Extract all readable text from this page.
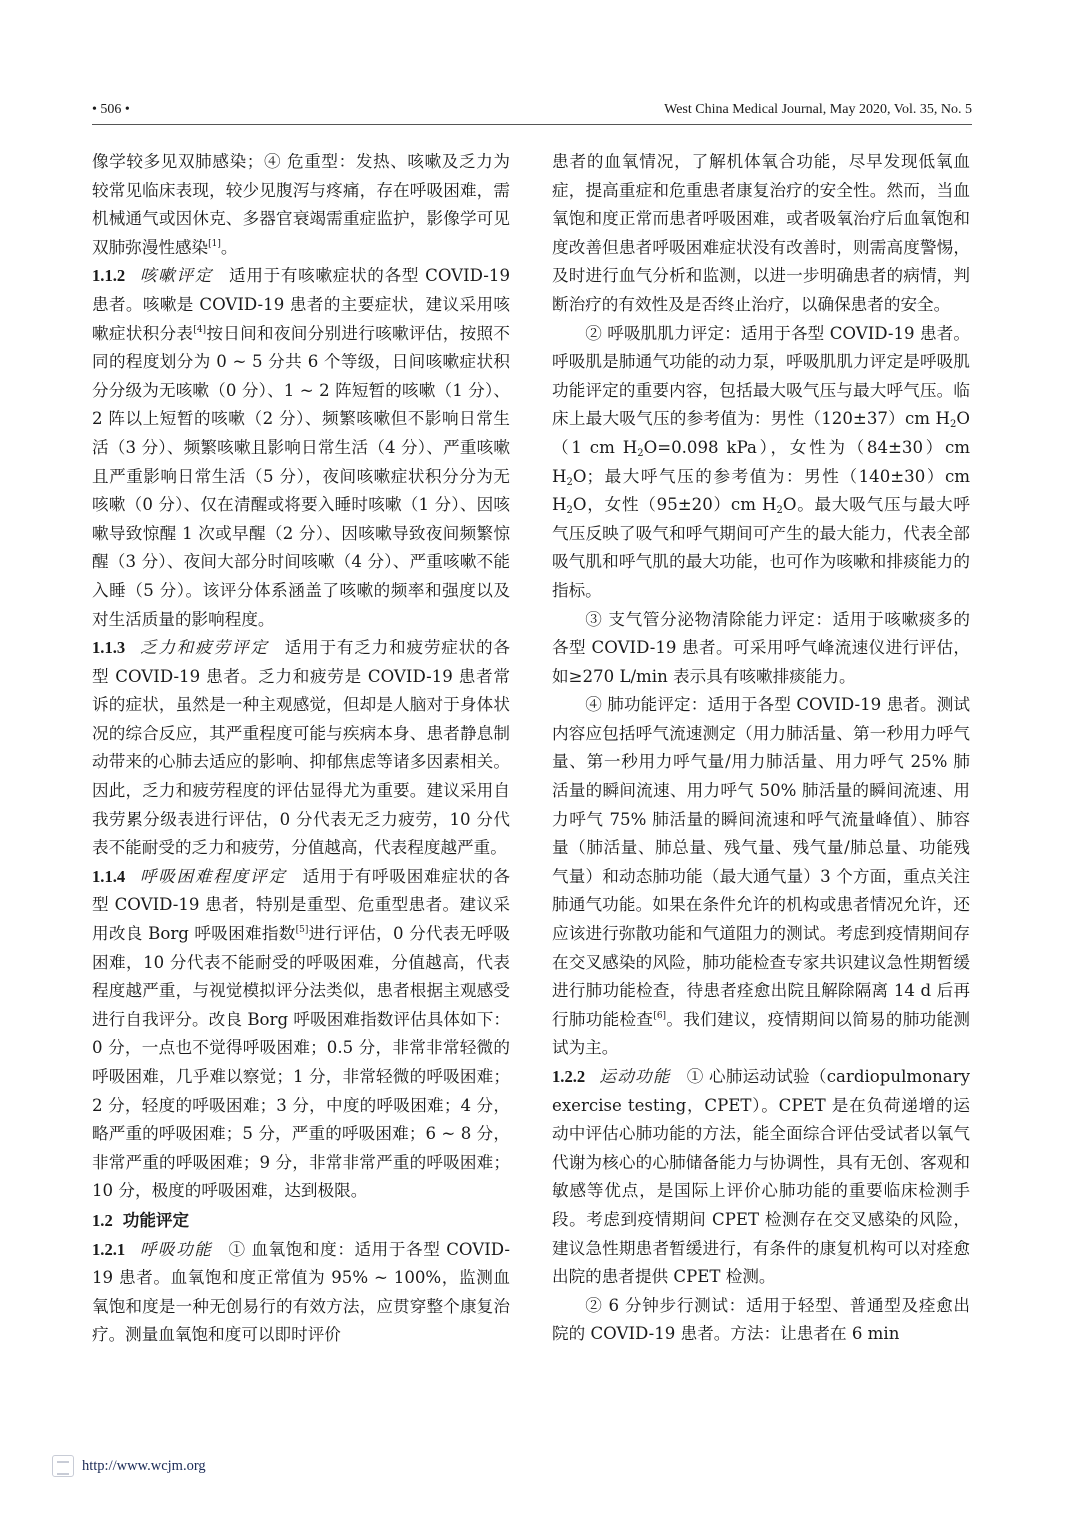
• 506 •	West China Medical Journal, May 2020, Vol. 35, No. 5

像学较多见双肺感染；④ 危重型：发热、咳嗽及乏力为较常见临床表现，较少见腹泻与疼痛，存在呼吸困难，需机械通气或因休克、多器官衰竭需重症监护，影像学可见双肺弥漫性感染[1]。

1.1.2 咳嗽评定 适用于有咳嗽症状的各型 COVID-19 患者。咳嗽是 COVID-19 患者的主要症状，建议采用咳嗽症状积分表[4]按日间和夜间分别进行咳嗽评估，按照不同的程度划分为 0 ~ 5 分共 6 个等级，日间咳嗽症状积分分级为无咳嗽（0 分）、1 ~ 2 阵短暂的咳嗽（1 分）、2 阵以上短暂的咳嗽（2 分）、频繁咳嗽但不影响日常生活（3 分）、频繁咳嗽且影响日常生活（4 分）、严重咳嗽且严重影响日常生活（5 分），夜间咳嗽症状积分分为无咳嗽（0 分）、仅在清醒或将要入睡时咳嗽（1 分）、因咳嗽导致惊醒 1 次或早醒（2 分）、因咳嗽导致夜间频繁惊醒（3 分）、夜间大部分时间咳嗽（4 分）、严重咳嗽不能入睡（5 分）。该评分体系涵盖了咳嗽的频率和强度以及对生活质量的影响程度。

1.1.3 乏力和疲劳评定 适用于有乏力和疲劳症状的各型 COVID-19 患者。乏力和疲劳是 COVID-19 患者常诉的症状，虽然是一种主观感觉，但却是人脑对于身体状况的综合反应，其严重程度可能与疾病本身、患者静息制动带来的心肺去适应的影响、抑郁焦虑等诸多因素相关。因此，乏力和疲劳程度的评估显得尤为重要。建议采用自我劳累分级表进行评估，0 分代表无乏力疲劳，10 分代表不能耐受的乏力和疲劳，分值越高，代表程度越严重。

1.1.4 呼吸困难程度评定 适用于有呼吸困难症状的各型 COVID-19 患者，特别是重型、危重型患者。建议采用改良 Borg 呼吸困难指数[5]进行评估，0 分代表无呼吸困难，10 分代表不能耐受的呼吸困难，分值越高，代表程度越严重，与视觉模拟评分法类似，患者根据主观感受进行自我评分。改良 Borg 呼吸困难指数评估具体如下：0 分，一点也不觉得呼吸困难；0.5 分，非常非常轻微的呼吸困难，几乎难以察觉；1 分，非常轻微的呼吸困难；2 分，轻度的呼吸困难；3 分，中度的呼吸困难；4 分，略严重的呼吸困难；5 分，严重的呼吸困难；6 ~ 8 分，非常严重的呼吸困难；9 分，非常非常严重的呼吸困难；10 分，极度的呼吸困难，达到极限。

1.2 功能评定

1.2.1 呼吸功能 ① 血氧饱和度：适用于各型 COVID-19 患者。血氧饱和度正常值为 95% ~ 100%，监测血氧饱和度是一种无创易行的有效方法，应贯穿整个康复治疗。测量血氧饱和度可以即时评价

患者的血氧情况，了解机体氧合功能，尽早发现低氧血症，提高重症和危重患者康复治疗的安全性。然而，当血氧饱和度正常而患者呼吸困难，或者吸氧治疗后血氧饱和度改善但患者呼吸困难症状没有改善时，则需高度警惕，及时进行血气分析和监测，以进一步明确患者的病情，判断治疗的有效性及是否终止治疗，以确保患者的安全。

② 呼吸肌肌力评定：适用于各型 COVID-19 患者。呼吸肌是肺通气功能的动力泵，呼吸肌肌力评定是呼吸肌功能评定的重要内容，包括最大吸气压与最大呼气压。临床上最大吸气压的参考值为：男性（120±37）cm $H_2O(1$ cm $H_2O=0.098$ kPa），女性为（84±30）cm $H_2O$；最大呼气压的参考值为：男性（140±30）cm $H_2O$，女性（95±20）cm $H_2O$。最大吸气压与最大呼气压反映了吸气和呼气期间可产生的最大能力，代表全部吸气肌和呼气肌的最大功能，也可作为咳嗽和排痰能力的指标。

③ 支气管分泌物清除能力评定：适用于咳嗽痰多的各型 COVID-19 患者。可采用呼气峰流速仪进行评估，如≥270 L/min 表示具有咳嗽排痰能力。

④ 肺功能评定：适用于各型 COVID-19 患者。测试内容应包括呼气流速测定（用力肺活量、第一秒用力呼气量、第一秒用力呼气量/用力肺活量、用力呼气 25% 肺活量的瞬间流速、用力呼气 50% 肺活量的瞬间流速、用力呼气 75% 肺活量的瞬间流速和呼气流量峰值）、肺容量（肺活量、肺总量、残气量、残气量/肺总量、功能残气量）和动态肺功能（最大通气量）3 个方面，重点关注肺通气功能。如果在条件允许的机构或患者情况允许，还应该进行弥散功能和气道阻力的测试。考虑到疫情期间存在交叉感染的风险，肺功能检查专家共识建议急性期暂缓进行肺功能检查，待患者痊愈出院且解除隔离 14 d 后再行肺功能检查[6]。我们建议，疫情期间以简易的肺功能测试为主。

1.2.2 运动功能 ① 心肺运动试验（cardiopulmonary exercise testing，CPET）。CPET 是在负荷递增的运动中评估心肺功能的方法，能全面综合评估受试者以氧气代谢为核心的心肺储备能力与协调性，具有无创、客观和敏感等优点，是国际上评价心肺功能的重要临床检测手段。考虑到疫情期间 CPET 检测存在交叉感染的风险，建议急性期患者暂缓进行，有条件的康复机构可以对痊愈出院的患者提供 CPET 检测。

② 6 分钟步行测试：适用于轻型、普通型及痊愈出院的 COVID-19 患者。方法：让患者在 6 min

http://www.wcjm.org
